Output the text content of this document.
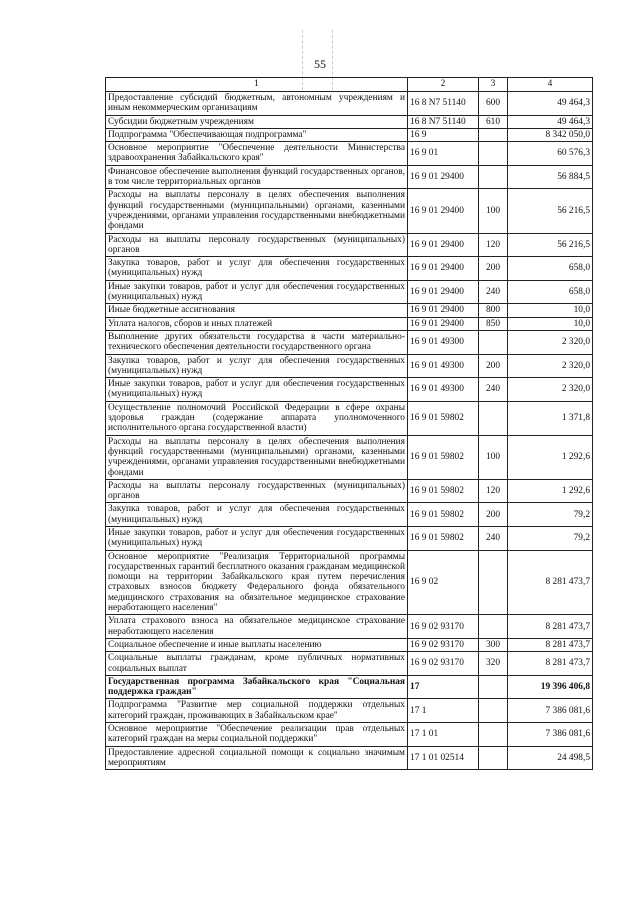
55
1	2	3	4
Предоставление субсидий бюджетным, автономным учреждениям и иным некоммерческим организациям	16 8 N7 51140	600	49 464,3
Субсидии бюджетным учреждениям	16 8 N7 51140	610	49 464,3
Подпрограмма "Обеспечивающая подпрограмма"	16 9		8 342 050,0
Основное мероприятие "Обеспечение деятельности Министерства здравоохранения Забайкальского края"	16 9 01		60 576,3
Финансовое обеспечение выполнения функций государственных органов, в том числе территориальных органов	16 9 01 29400		56 884,5
Расходы на выплаты персоналу в целях обеспечения выполнения функций государственными (муниципальными) органами, казенными учреждениями, органами управления государственными внебюджетными фондами	16 9 01 29400	100	56 216,5
Расходы на выплаты персоналу государственных (муниципальных) органов	16 9 01 29400	120	56 216,5
Закупка товаров, работ и услуг для обеспечения государственных (муниципальных) нужд	16 9 01 29400	200	658,0
Иные закупки товаров, работ и услуг для обеспечения государственных (муниципальных) нужд	16 9 01 29400	240	658,0
Иные бюджетные ассигнования	16 9 01 29400	800	10,0
Уплата налогов, сборов и иных платежей	16 9 01 29400	850	10,0
Выполнение других обязательств государства в части материально-технического обеспечения деятельности государственного органа	16 9 01 49300		2 320,0
Закупка товаров, работ и услуг для обеспечения государственных (муниципальных) нужд	16 9 01 49300	200	2 320,0
Иные закупки товаров, работ и услуг для обеспечения государственных (муниципальных) нужд	16 9 01 49300	240	2 320,0
Осуществление полномочий Российской Федерации в сфере охраны здоровья граждан (содержание аппарата уполномоченного исполнительного органа государственной власти)	16 9 01 59802		1 371,8
Расходы на выплаты персоналу в целях обеспечения выполнения функций государственными (муниципальными) органами, казенными учреждениями, органами управления государственными внебюджетными фондами	16 9 01 59802	100	1 292,6
Расходы на выплаты персоналу государственных (муниципальных) органов	16 9 01 59802	120	1 292,6
Закупка товаров, работ и услуг для обеспечения государственных (муниципальных) нужд	16 9 01 59802	200	79,2
Иные закупки товаров, работ и услуг для обеспечения государственных (муниципальных) нужд	16 9 01 59802	240	79,2
Основное мероприятие "Реализация Территориальной программы государственных гарантий бесплатного оказания гражданам медицинской помощи на территории Забайкальского края путем перечисления страховых взносов бюджету Федерального фонда обязательного медицинского страхования на обязательное медицинское страхование неработающего населения"	16 9 02		8 281 473,7
Уплата страхового взноса на обязательное медицинское страхование неработающего населения	16 9 02 93170		8 281 473,7
Социальное обеспечение и иные выплаты населению	16 9 02 93170	300	8 281 473,7
Социальные выплаты гражданам, кроме публичных нормативных социальных выплат	16 9 02 93170	320	8 281 473,7
Государственная программа Забайкальского края "Социальная поддержка граждан"	17		19 396 406,8
Подпрограмма "Развитие мер социальной поддержки отдельных категорий граждан, проживающих в Забайкальском крае"	17 1		7 386 081,6
Основное мероприятие "Обеспечение реализации прав отдельных категорий граждан на меры социальной поддержки"	17 1 01		7 386 081,6
Предоставление адресной социальной помощи к социально значимым мероприятиям	17 1 01 02514		24 498,5
